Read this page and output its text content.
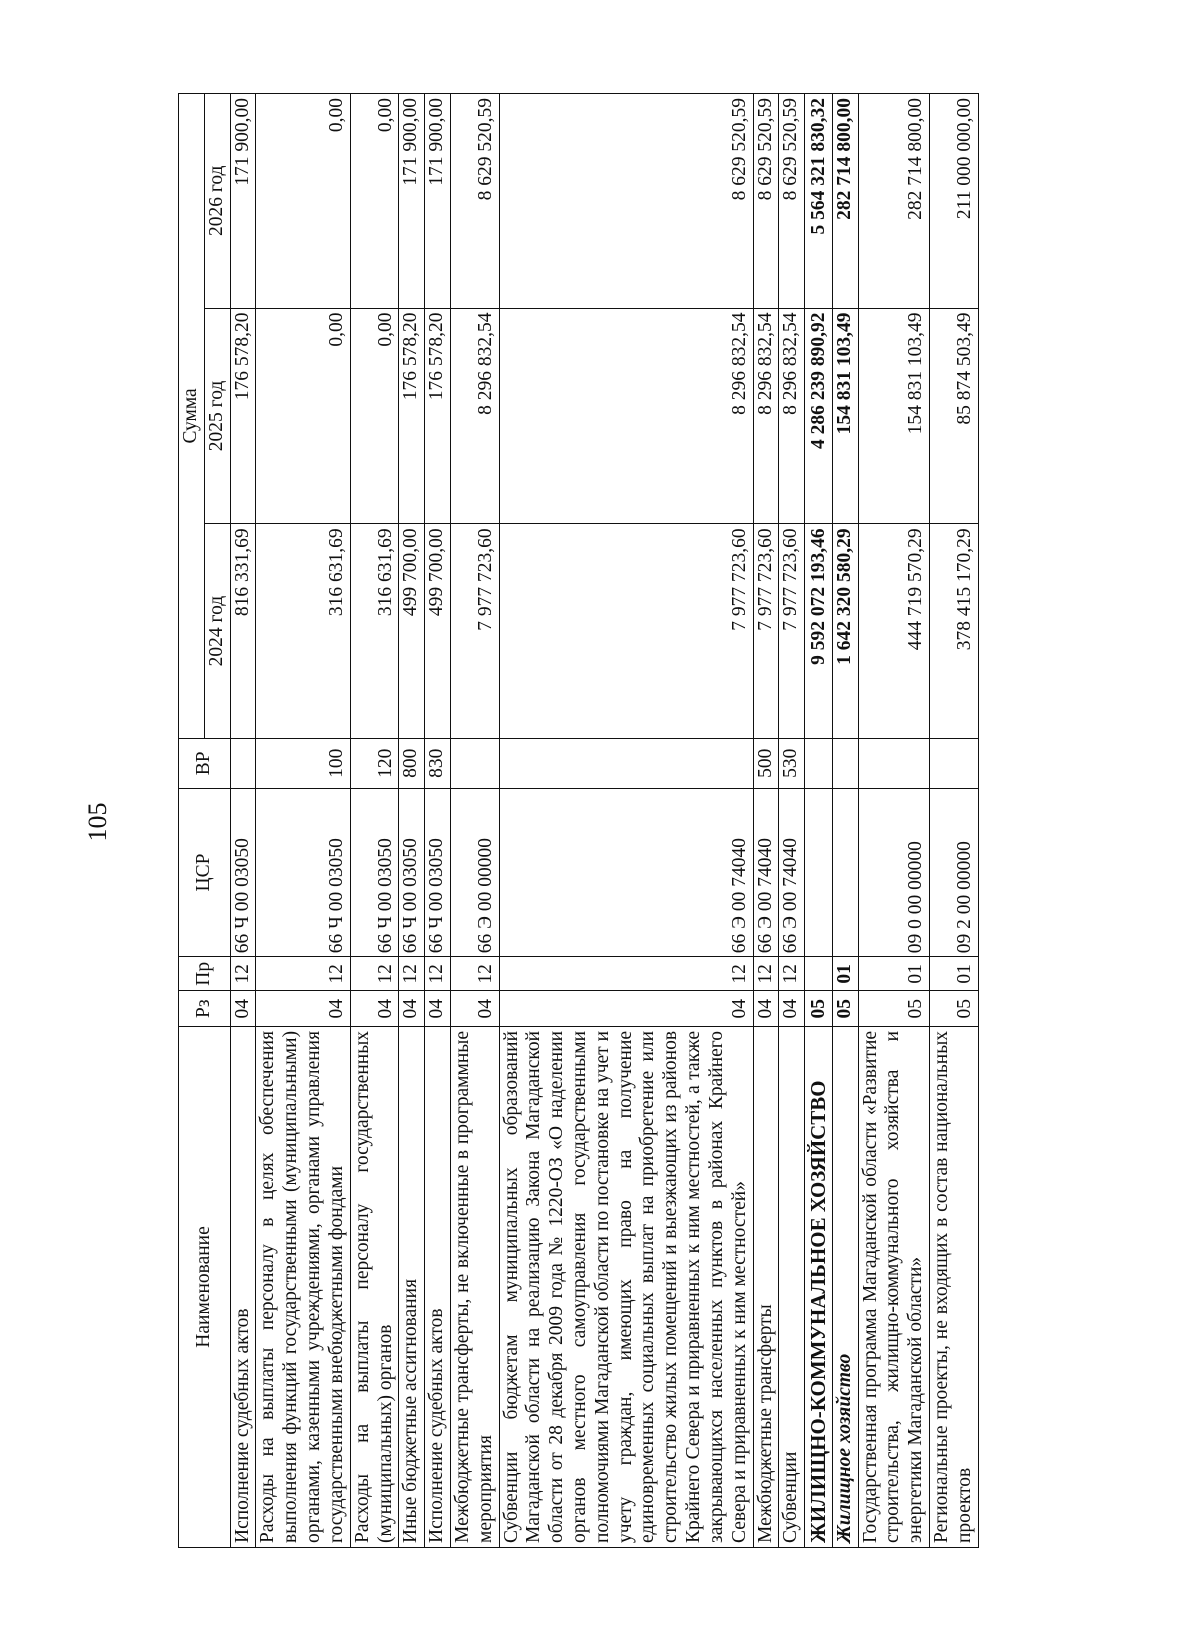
105
Наименование	Рз	Пр	ЦСР	ВР	Сумма		
					2024 год	2025 год	2026 год
Исполнение судебных актов	04	12	66 Ч 00 03050		816 331,69	176 578,20	171 900,00
Расходы на выплаты персоналу в целях обеспечения выполнения функций государственными (муниципальными) органами, казенными учреждениями, органами управления государственными внебюджетными фондами	04	12	66 Ч 00 03050	100	316 631,69	0,00	0,00
Расходы на выплаты персоналу государственных (муниципальных) органов	04	12	66 Ч 00 03050	120	316 631,69	0,00	0,00
Иные бюджетные ассигнования	04	12	66 Ч 00 03050	800	499 700,00	176 578,20	171 900,00
Исполнение судебных актов	04	12	66 Ч 00 03050	830	499 700,00	176 578,20	171 900,00
Межбюджетные трансферты, не включенные в программные мероприятия	04	12	66 Э 00 00000		7 977 723,60	8 296 832,54	8 629 520,59
Субвенции бюджетам муниципальных образований Магаданской области на реализацию Закона Магаданской области от 28 декабря 2009 года № 1220-ОЗ «О наделении органов местного самоуправления государственными полномочиями Магаданской области по постановке на учет и учету граждан, имеющих право на получение единовременных социальных выплат на приобретение или строительство жилых помещений и выезжающих из районов Крайнего Севера и приравненных к ним местностей, а также закрывающихся населенных пунктов в районах Крайнего Севера и приравненных к ним местностей»	04	12	66 Э 00 74040		7 977 723,60	8 296 832,54	8 629 520,59
Межбюджетные трансферты	04	12	66 Э 00 74040	500	7 977 723,60	8 296 832,54	8 629 520,59
Субвенции	04	12	66 Э 00 74040	530	7 977 723,60	8 296 832,54	8 629 520,59
ЖИЛИЩНО-КОММУНАЛЬНОЕ ХОЗЯЙСТВО	05				9 592 072 193,46	4 286 239 890,92	5 564 321 830,32
Жилищное хозяйство	05	01			1 642 320 580,29	154 831 103,49	282 714 800,00
Государственная программа Магаданской области «Развитие строительства, жилищно-коммунального хозяйства и энергетики Магаданской области»	05	01	09 0 00 00000		444 719 570,29	154 831 103,49	282 714 800,00
Региональные проекты, не входящих в состав национальных проектов	05	01	09 2 00 00000		378 415 170,29	85 874 503,49	211 000 000,00
